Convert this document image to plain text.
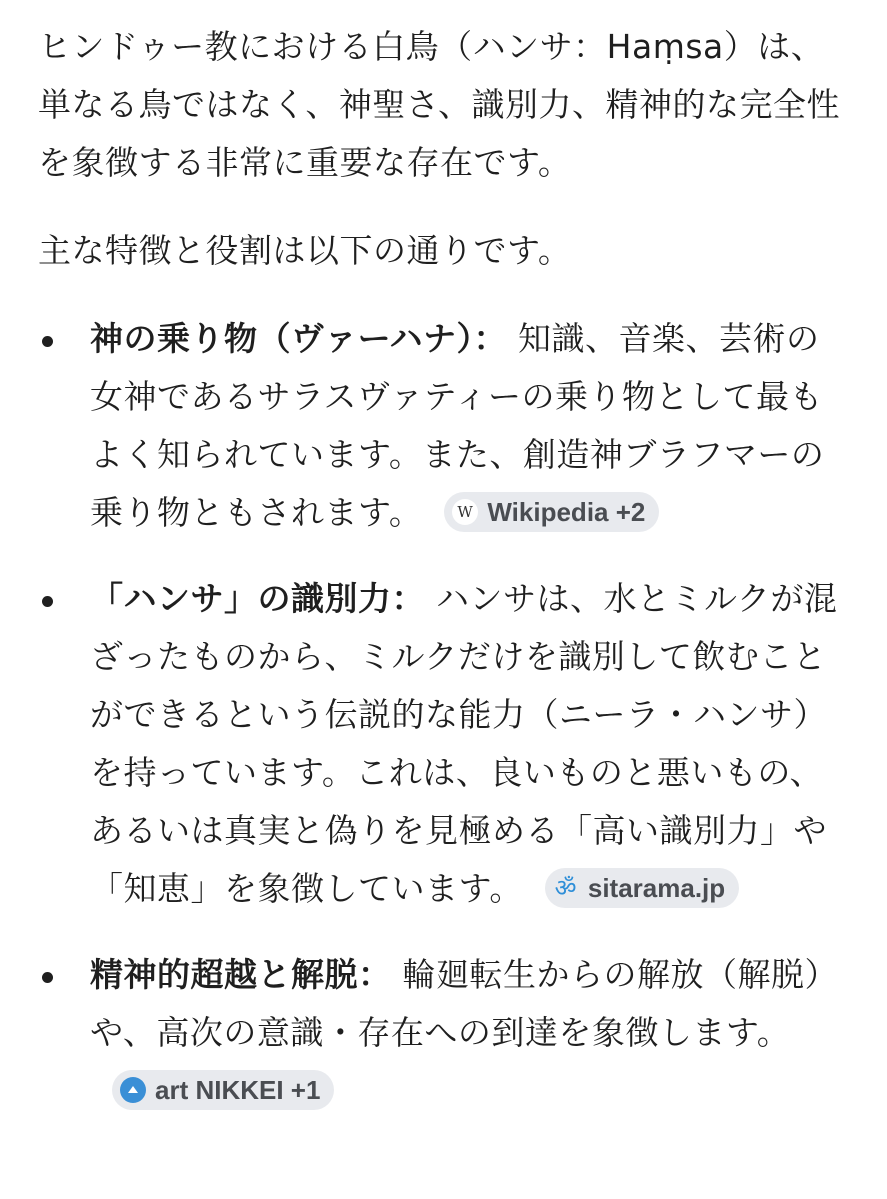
ヒンドゥー教における白鳥（ハンサ：Haṃsa）は、単なる鳥ではなく、神聖さ、識別力、精神的な完全性を象徴する非常に重要な存在です。

主な特徴と役割は以下の通りです。

神の乗り物（ヴァーハナ）： 知識、音楽、芸術の女神であるサラスヴァティーの乗り物として最もよく知られています。また、創造神ブラフマーの乗り物ともされます。	W Wikipedia +2
「ハンサ」の識別力： ハンサは、水とミルクが混ざったものから、ミルクだけを識別して飲むことができるという伝説的な能力（ニーラ・ハンサ）を持っています。これは、良いものと悪いもの、あるいは真実と偽りを見極める「高い識別力」や「知恵」を象徴しています。 ॐ sitarama.jp
精神的超越と解脱： 輪廻転生からの解放（解脱）や、高次の意識・存在への到達を象徴します。
art NIKKEI +1
